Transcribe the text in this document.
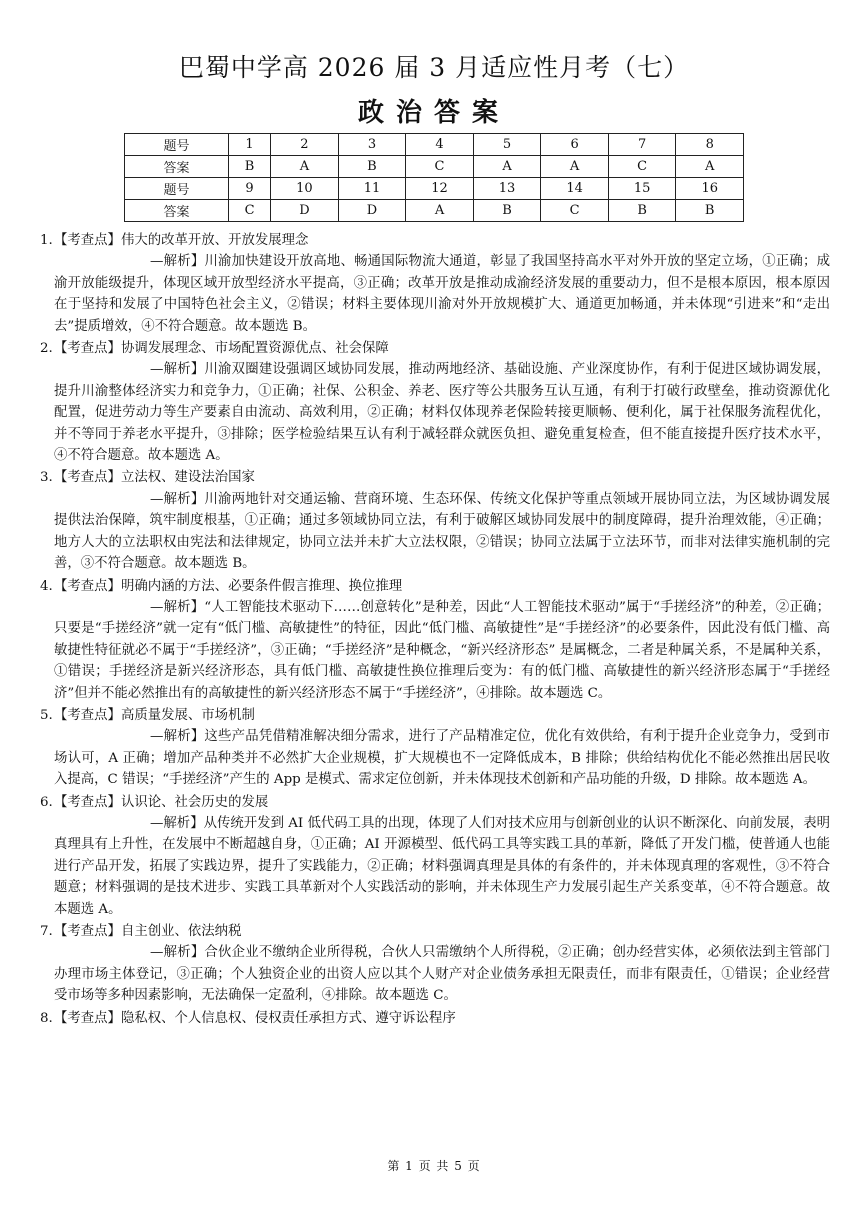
巴蜀中学高 2026 届 3 月适应性月考（七）
政治答案
题号	1	2	3	4	5	6	7	8
答案	B	A	B	C	A	A	C	A
题号	9	10	11	12	13	14	15	16
答案	C	D	D	A	B	C	B	B

1.【考查点】伟大的改革开放、开放发展理念

—解析】川渝加快建设开放高地、畅通国际物流大通道，彰显了我国坚持高水平对外开放的坚定立场，①正确；成渝开放能级提升，体现区域开放型经济水平提高，③正确；改革开放是推动成渝经济发展的重要动力，但不是根本原因，根本原因在于坚持和发展了中国特色社会主义，②错误；材料主要体现川渝对外开放规模扩大、通道更加畅通，并未体现“引进来”和“走出去”提质增效，④不符合题意。故本题选 B。

2.【考查点】协调发展理念、市场配置资源优点、社会保障

—解析】川渝双圈建设强调区域协同发展，推动两地经济、基础设施、产业深度协作，有利于促进区域协调发展，提升川渝整体经济实力和竞争力，①正确；社保、公积金、养老、医疗等公共服务互认互通，有利于打破行政壁垒，推动资源优化配置，促进劳动力等生产要素自由流动、高效利用，②正确；材料仅体现养老保险转接更顺畅、便利化，属于社保服务流程优化，并不等同于养老水平提升，③排除；医学检验结果互认有利于减轻群众就医负担、避免重复检查，但不能直接提升医疗技术水平，④不符合题意。故本题选 A。

3.【考查点】立法权、建设法治国家

—解析】川渝两地针对交通运输、营商环境、生态环保、传统文化保护等重点领域开展协同立法，为区域协调发展提供法治保障，筑牢制度根基，①正确；通过多领域协同立法，有利于破解区域协同发展中的制度障碍，提升治理效能，④正确；地方人大的立法职权由宪法和法律规定，协同立法并未扩大立法权限，②错误；协同立法属于立法环节，而非对法律实施机制的完善，③不符合题意。故本题选 B。

4.【考查点】明确内涵的方法、必要条件假言推理、换位推理

—解析】“人工智能技术驱动下……创意转化”是种差，因此“人工智能技术驱动”属于“手搓经济”的种差，②正确；只要是“手搓经济”就一定有“低门槛、高敏捷性”的特征，因此“低门槛、高敏捷性”是“手搓经济”的必要条件，因此没有低门槛、高敏捷性特征就必不属于“手搓经济”，③正确；“手搓经济”是种概念，“新兴经济形态” 是属概念，二者是种属关系，不是属种关系，①错误；手搓经济是新兴经济形态，具有低门槛、高敏捷性换位推理后变为：有的低门槛、高敏捷性的新兴经济形态属于“手搓经济”但并不能必然推出有的高敏捷性的新兴经济形态不属于“手搓经济”，④排除。故本题选 C。

5.【考查点】高质量发展、市场机制

—解析】这些产品凭借精准解决细分需求，进行了产品精准定位，优化有效供给，有利于提升企业竞争力，受到市场认可，A 正确；增加产品种类并不必然扩大企业规模，扩大规模也不一定降低成本，B 排除；供给结构优化不能必然推出居民收入提高，C 错误；“手搓经济”产生的 App 是模式、需求定位创新，并未体现技术创新和产品功能的升级，D 排除。故本题选 A。

6.【考查点】认识论、社会历史的发展

—解析】从传统开发到 AI 低代码工具的出现，体现了人们对技术应用与创新创业的认识不断深化、向前发展，表明真理具有上升性，在发展中不断超越自身，①正确；AI 开源模型、低代码工具等实践工具的革新，降低了开发门槛，使普通人也能进行产品开发，拓展了实践边界，提升了实践能力，②正确；材料强调真理是具体的有条件的，并未体现真理的客观性，③不符合题意；材料强调的是技术进步、实践工具革新对个人实践活动的影响，并未体现生产力发展引起生产关系变革，④不符合题意。故本题选 A。

7.【考查点】自主创业、依法纳税

—解析】合伙企业不缴纳企业所得税，合伙人只需缴纳个人所得税，②正确；创办经营实体，必须依法到主管部门办理市场主体登记，③正确；个人独资企业的出资人应以其个人财产对企业债务承担无限责任，而非有限责任，①错误；企业经营受市场等多种因素影响，无法确保一定盈利，④排除。故本题选 C。

8.【考查点】隐私权、个人信息权、侵权责任承担方式、遵守诉讼程序

第 1 页 共 5 页
